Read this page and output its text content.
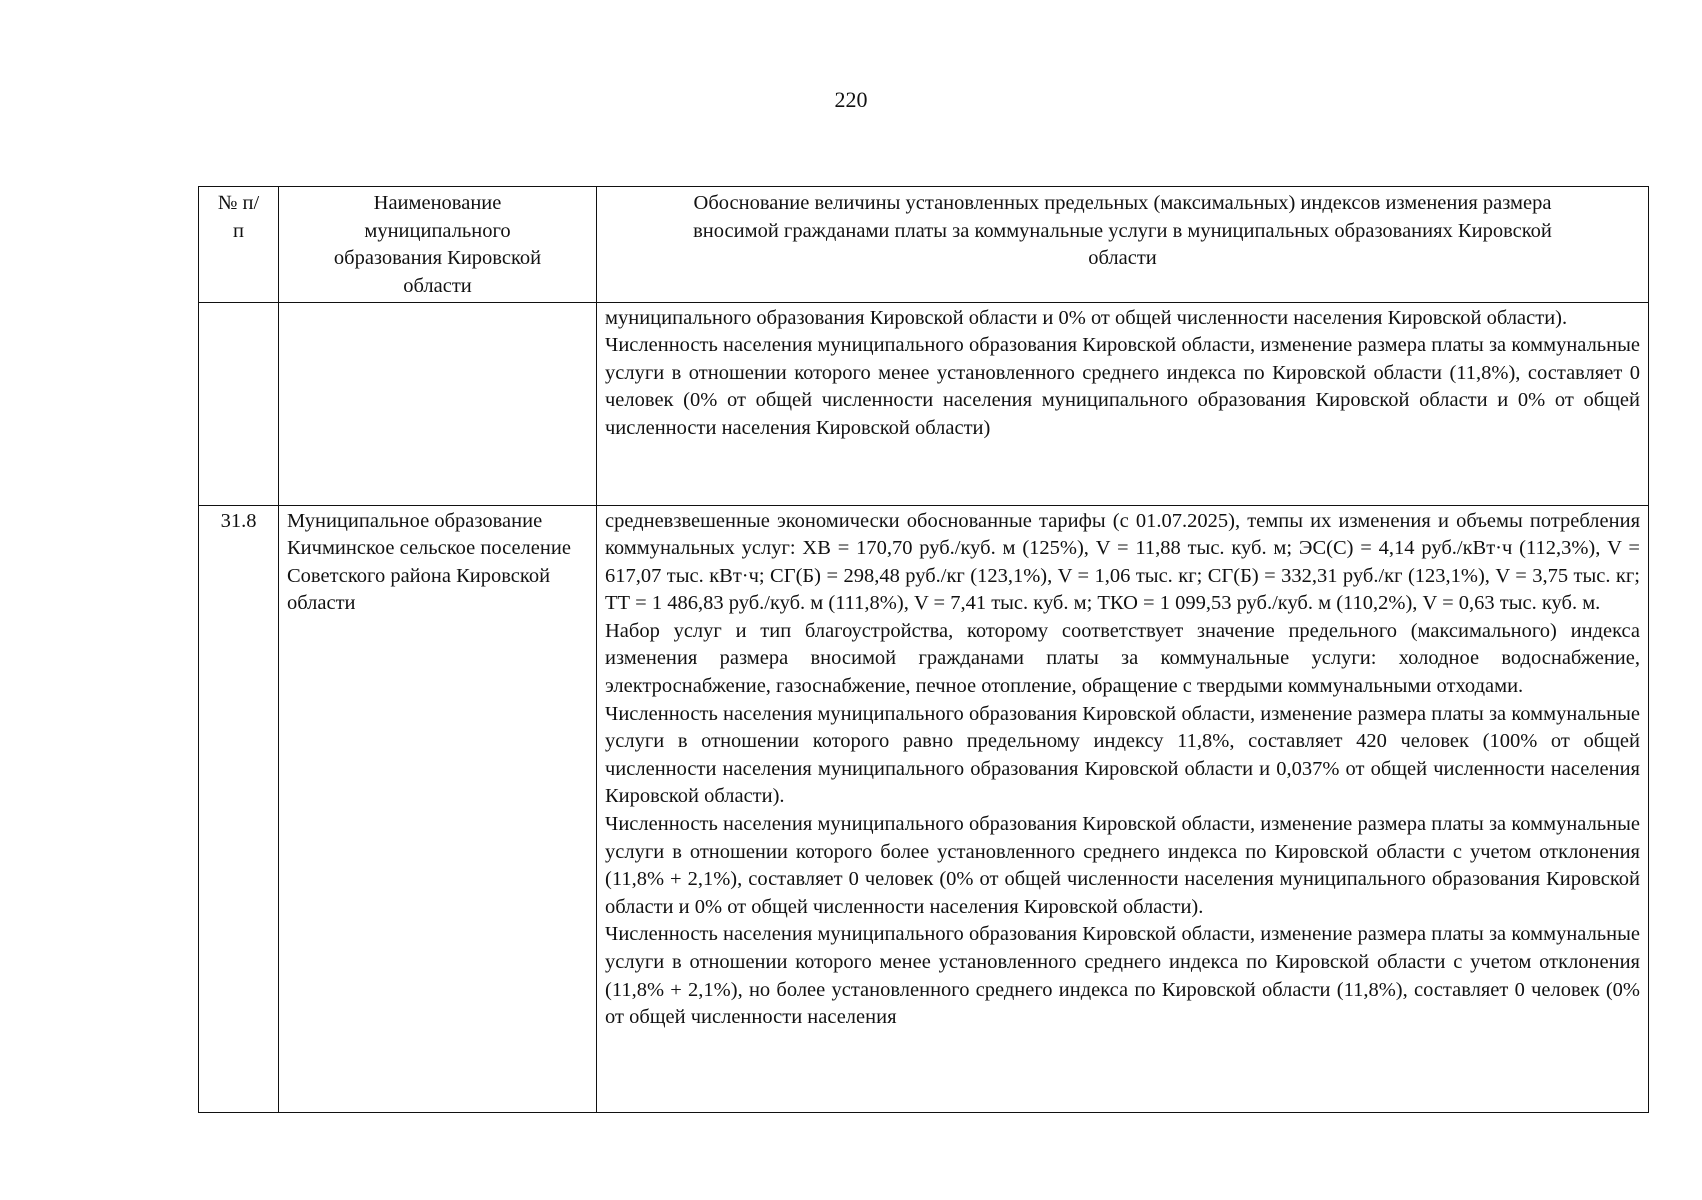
220
№ п/п	Наименование муниципального образования Кировской области	Обоснование величины установленных предельных (максимальных) индексов изменения размера вносимой гражданами платы за коммунальные услуги в муниципальных образованиях Кировской области

		муниципального образования Кировской области и 0% от общей численности населения Кировской области).

Численность населения муниципального образования Кировской области, изменение размера платы за коммунальные услуги в отношении которого менее установленного среднего индекса по Кировской области (11,8%), составляет 0 человек (0% от общей численности населения муниципального образования Кировской области и 0% от общей численности населения Кировской области)

31.8	Муниципальное образование Кичминское сельское поселение Советского района Кировской области	средневзвешенные экономически обоснованные тарифы (с 01.07.2025), темпы их изменения и объемы потребления коммунальных услуг: ХВ = 170,70 руб./куб. м (125%), V = 11,88 тыс. куб. м; ЭС(С) = 4,14 руб./кВт·ч (112,3%), V = 617,07 тыс. кВт·ч; СГ(Б) = 298,48 руб./кг (123,1%), V = 1,06 тыс. кг; СГ(Б) = 332,31 руб./кг (123,1%), V = 3,75 тыс. кг; ТТ = 1 486,83 руб./куб. м (111,8%), V = 7,41 тыс. куб. м; ТКО = 1 099,53 руб./куб. м (110,2%), V = 0,63 тыс. куб. м.

Набор услуг и тип благоустройства, которому соответствует значение предельного (максимального) индекса изменения размера вносимой гражданами платы за коммунальные услуги: холодное водоснабжение, электроснабжение, газоснабжение, печное отопление, обращение с твердыми коммунальными отходами.

Численность населения муниципального образования Кировской области, изменение размера платы за коммунальные услуги в отношении которого равно предельному индексу 11,8%, составляет 420 человек (100% от общей численности населения муниципального образования Кировской области и 0,037% от общей численности населения Кировской области).

Численность населения муниципального образования Кировской области, изменение размера платы за коммунальные услуги в отношении которого более установленного среднего индекса по Кировской области с учетом отклонения (11,8% + 2,1%), составляет 0 человек (0% от общей численности населения муниципального образования Кировской области и 0% от общей численности населения Кировской области).

Численность населения муниципального образования Кировской области, изменение размера платы за коммунальные услуги в отношении которого менее установленного среднего индекса по Кировской области с учетом отклонения (11,8% + 2,1%), но более установленного среднего индекса по Кировской области (11,8%), составляет 0 человек (0% от общей численности населения
